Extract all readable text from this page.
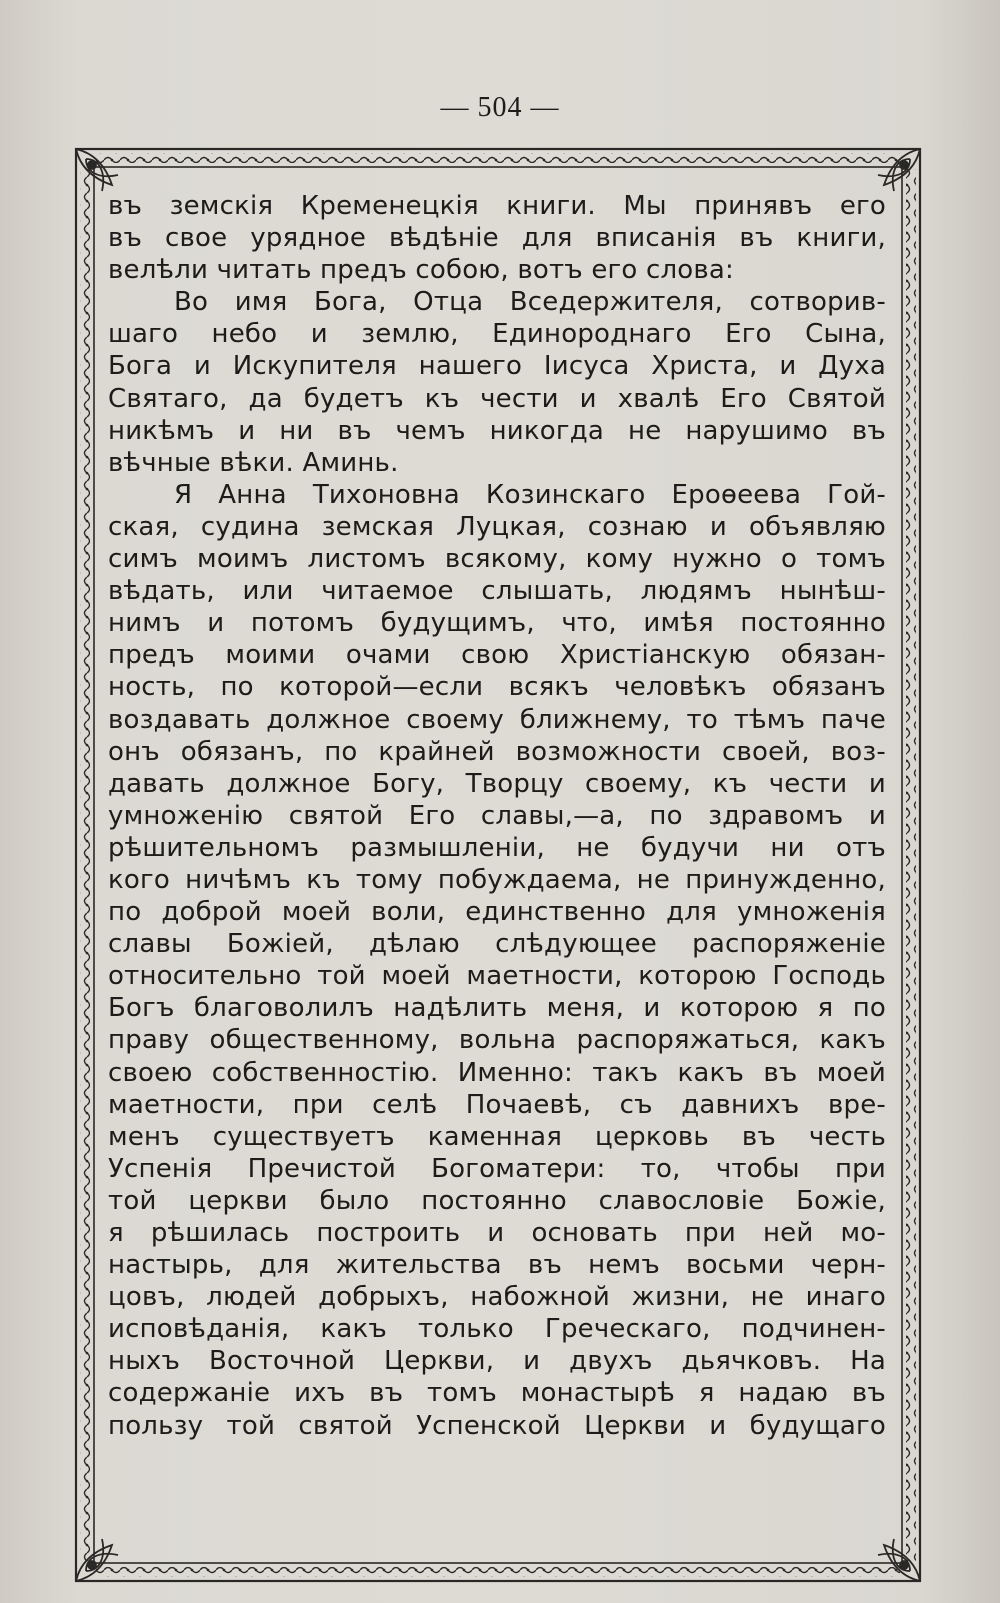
— 504 —
въ земскія Кременецкія книги. Мы принявъ его
въ свое урядное вѣдѣніе для вписанія въ книги,
велѣли читать предъ собою, вотъ его слова:
Во имя Бога, Отца Вседержителя, сотворив-
шаго небо и землю, Единороднаго Его Сына,
Бога и Искупителя нашего Іисуса Христа, и Духа
Святаго, да будетъ къ чести и хвалѣ Его Святой
никѣмъ и ни въ чемъ никогда не нарушимо въ
вѣчные вѣки. Аминь.
Я Анна Тихоновна Козинскаго Ероѳеева Гой-
ская, судина земская Луцкая, сознаю и объявляю
симъ моимъ листомъ всякому, кому нужно о томъ
вѣдать, или читаемое слышать, людямъ нынѣш-
нимъ и потомъ будущимъ, что, имѣя постоянно
предъ моими очами свою Христіанскую обязан-
ность, по которой—если всякъ человѣкъ обязанъ
воздавать должное своему ближнему, то тѣмъ паче
онъ обязанъ, по крайней возможности своей, воз-
давать должное Богу, Творцу своему, къ чести и
умноженію святой Его славы,—а, по здравомъ и
рѣшительномъ размышленіи, не будучи ни отъ
кого ничѣмъ къ тому побуждаема, не принужденно,
по доброй моей воли, единственно для умноженія
славы Божіей, дѣлаю слѣдующее распоряженіе
относительно той моей маетности, которою Господь
Богъ благоволилъ надѣлить меня, и которою я по
праву общественному, вольна распоряжаться, какъ
своею собственностію. Именно: такъ какъ въ моей
маетности, при селѣ Почаевѣ, съ давнихъ вре-
менъ существуетъ каменная церковь въ честь
Успенія Пречистой Богоматери: то, чтобы при
той церкви было постоянно славословіе Божіе,
я рѣшилась построить и основать при ней мо-
настырь, для жительства въ немъ восьми черн-
цовъ, людей добрыхъ, набожной жизни, не инаго
исповѣданія, какъ только Греческаго, подчинен-
ныхъ Восточной Церкви, и двухъ дьячковъ. На
содержаніе ихъ въ томъ монастырѣ я надаю въ
пользу той святой Успенской Церкви и будущаго
